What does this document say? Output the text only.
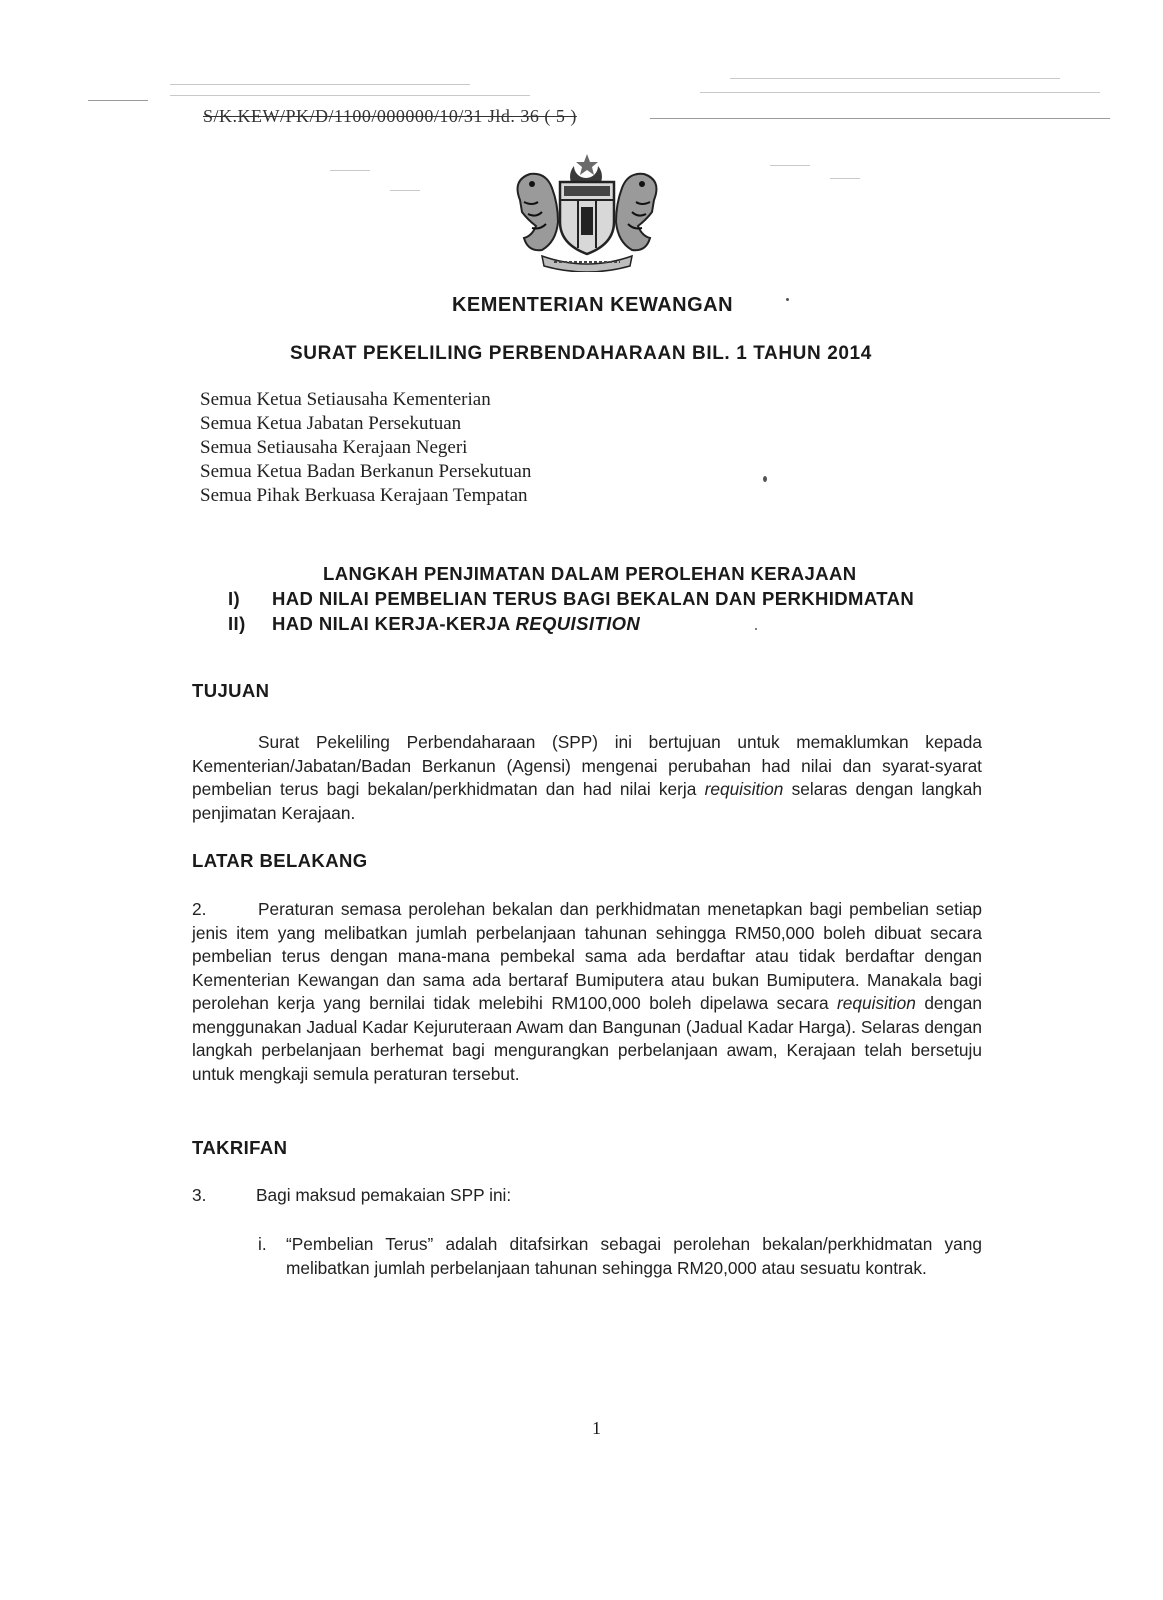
S/K.KEW/PK/D/1100/000000/10/31 Jld. 36 ( 5 )
KEMENTERIAN KEWANGAN
SURAT PEKELILING PERBENDAHARAAN BIL. 1 TAHUN 2014
Semua Ketua Setiausaha Kementerian
Semua Ketua Jabatan Persekutuan
Semua Setiausaha Kerajaan Negeri
Semua Ketua Badan Berkanun Persekutuan
Semua Pihak Berkuasa Kerajaan Tempatan
LANGKAH PENJIMATAN DALAM PEROLEHAN KERAJAAN
I)	HAD NILAI PEMBELIAN TERUS BAGI BEKALAN DAN PERKHIDMATAN
II)	HAD NILAI KERJA-KERJA REQUISITION
TUJUAN
Surat Pekeliling Perbendaharaan (SPP) ini bertujuan untuk memaklumkan kepada Kementerian/Jabatan/Badan Berkanun (Agensi) mengenai perubahan had nilai dan syarat-syarat pembelian terus bagi bekalan/perkhidmatan dan had nilai kerja requisition selaras dengan langkah penjimatan Kerajaan.
LATAR BELAKANG
2.	Peraturan semasa perolehan bekalan dan perkhidmatan menetapkan bagi pembelian setiap jenis item yang melibatkan jumlah perbelanjaan tahunan sehingga RM50,000 boleh dibuat secara pembelian terus dengan mana-mana pembekal sama ada berdaftar atau tidak berdaftar dengan Kementerian Kewangan dan sama ada bertaraf Bumiputera atau bukan Bumiputera. Manakala bagi perolehan kerja yang bernilai tidak melebihi RM100,000 boleh dipelawa secara requisition dengan menggunakan Jadual Kadar Kejuruteraan Awam dan Bangunan (Jadual Kadar Harga). Selaras dengan langkah perbelanjaan berhemat bagi mengurangkan perbelanjaan awam, Kerajaan telah bersetuju untuk mengkaji semula peraturan tersebut.
TAKRIFAN
3.	Bagi maksud pemakaian SPP ini:
i.	“Pembelian Terus” adalah ditafsirkan sebagai perolehan bekalan/perkhidmatan yang melibatkan jumlah perbelanjaan tahunan sehingga RM20,000 atau sesuatu kontrak.
1
